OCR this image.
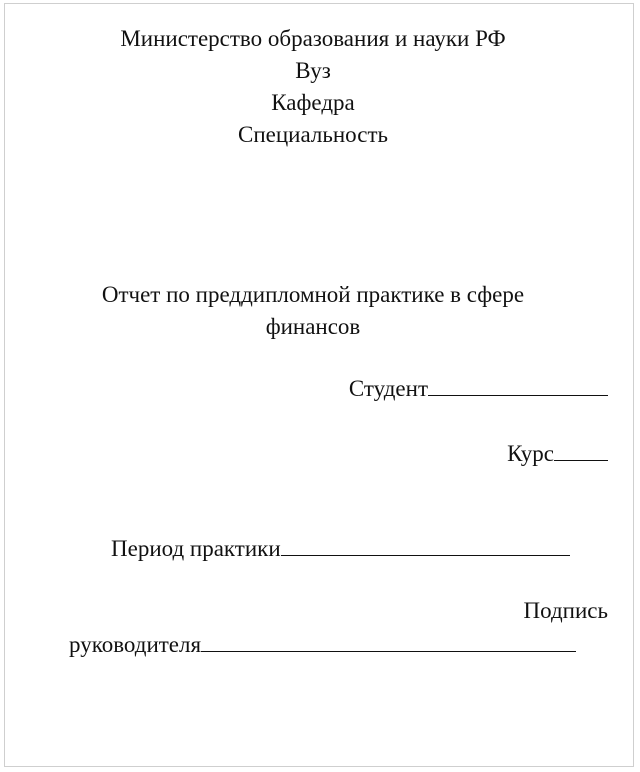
Министерство образования и науки РФ
Вуз
Кафедра
Специальность
Отчет по преддипломной практике в сфере
финансов
Студент
Курс
Период практики
Подпись
руководителя
